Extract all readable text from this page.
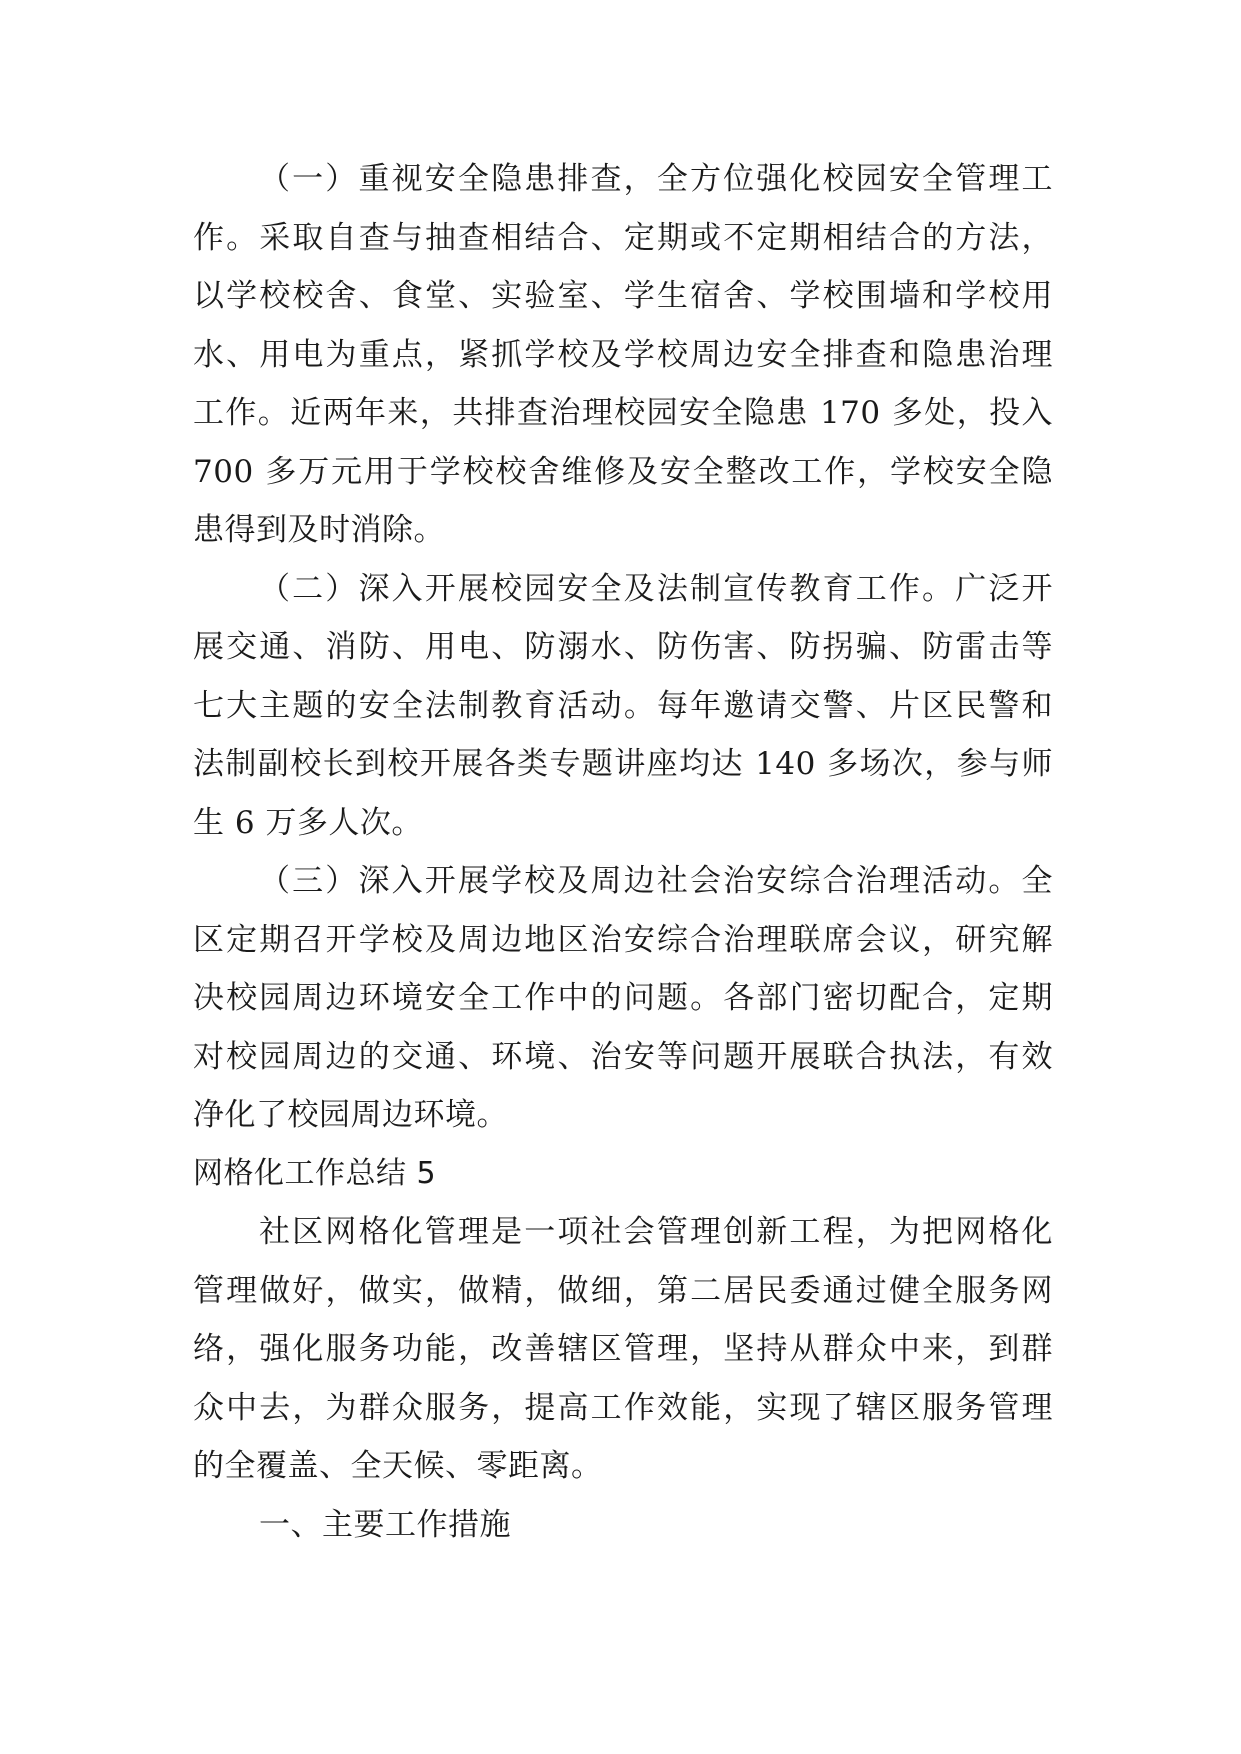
（一）重视安全隐患排查，全方位强化校园安全管理工
作。采取自查与抽查相结合、定期或不定期相结合的方法，
以学校校舍、食堂、实验室、学生宿舍、学校围墙和学校用
水、用电为重点，紧抓学校及学校周边安全排查和隐患治理
工作。近两年来，共排查治理校园安全隐患 170 多处，投入
700 多万元用于学校校舍维修及安全整改工作，学校安全隐
患得到及时消除。
（二）深入开展校园安全及法制宣传教育工作。广泛开
展交通、消防、用电、防溺水、防伤害、防拐骗、防雷击等
七大主题的安全法制教育活动。每年邀请交警、片区民警和
法制副校长到校开展各类专题讲座均达 140 多场次，参与师
生 6 万多人次。
（三）深入开展学校及周边社会治安综合治理活动。全
区定期召开学校及周边地区治安综合治理联席会议，研究解
决校园周边环境安全工作中的问题。各部门密切配合，定期
对校园周边的交通、环境、治安等问题开展联合执法，有效
净化了校园周边环境。
网格化工作总结 5
社区网格化管理是一项社会管理创新工程，为把网格化
管理做好，做实，做精，做细，第二居民委通过健全服务网
络，强化服务功能，改善辖区管理，坚持从群众中来，到群
众中去，为群众服务，提高工作效能，实现了辖区服务管理
的全覆盖、全天候、零距离。
一、主要工作措施
